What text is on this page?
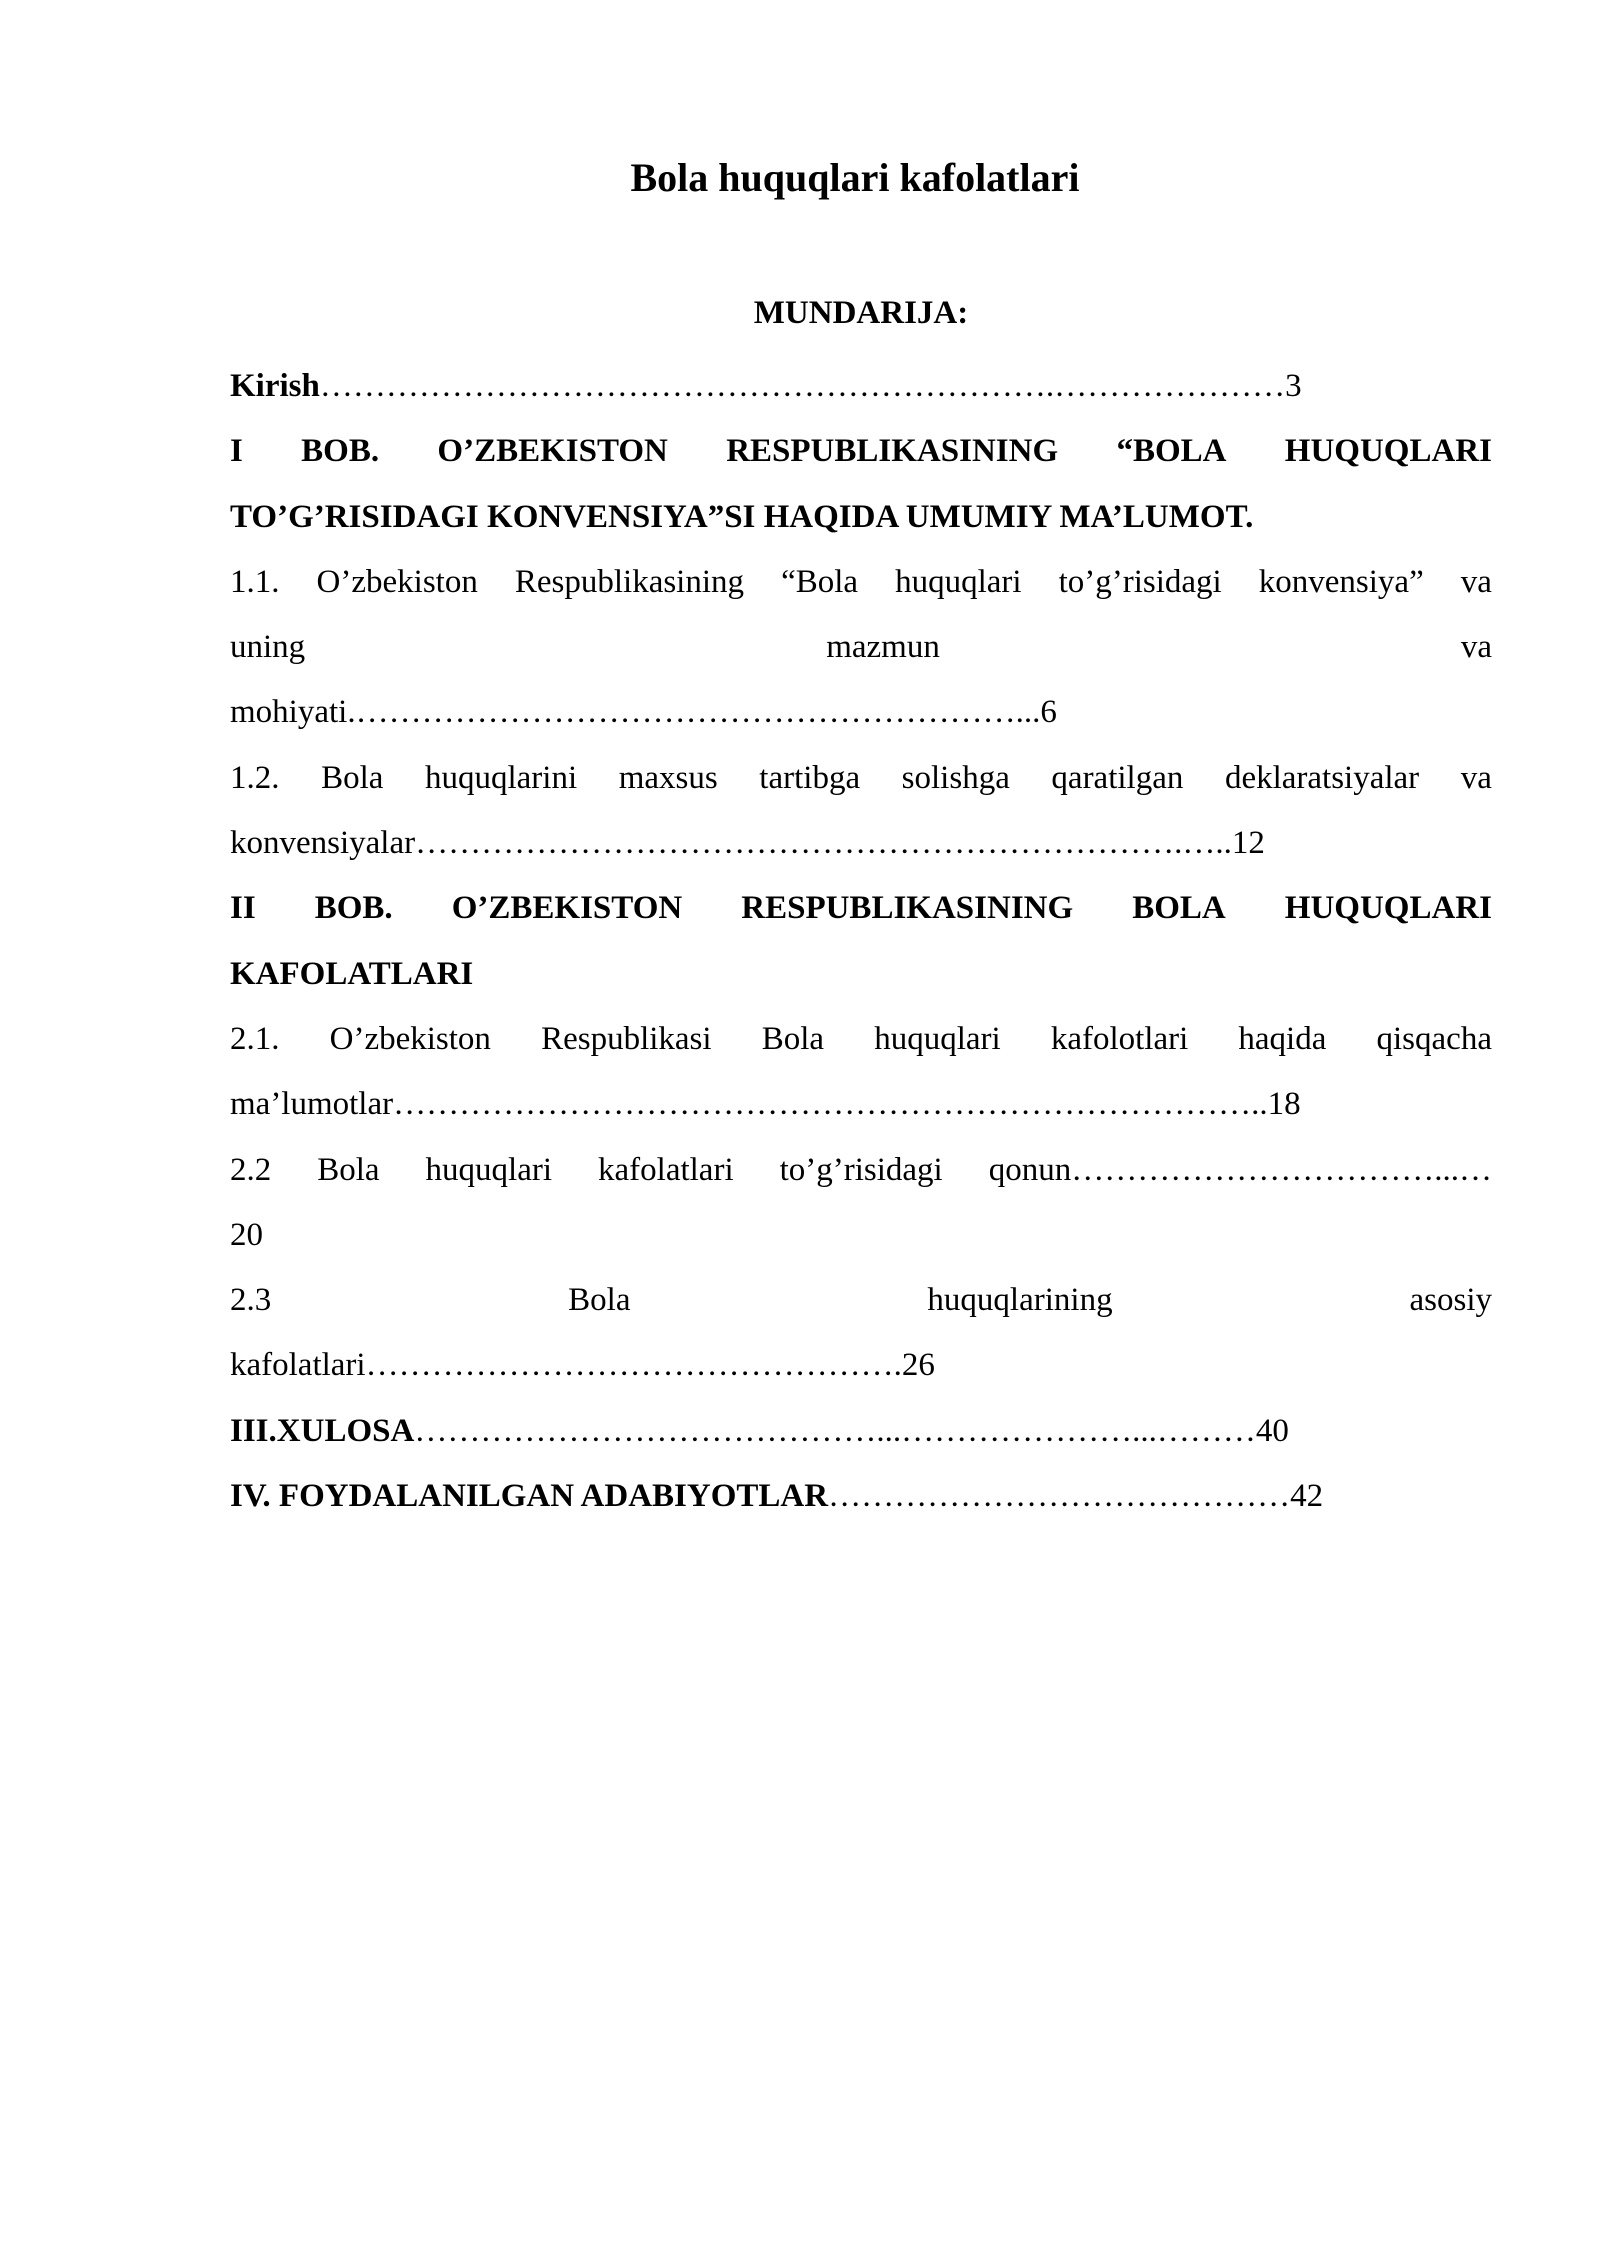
Bola huquqlari kafolatlari
MUNDARIJA:
Kirish………………………………………………………….…………………3
I BOB. O’ZBEKISTON RESPUBLIKASINING “BOLA HUQUQLARI
TO’G’RISIDAGI KONVENSIYA”SI HAQIDA UMUMIY MA’LUMOT.
1.1. O’zbekiston Respublikasining “Bola huquqlari to’g’risidagi konvensiya” va
uning	mazmun	va
mohiyati.……………………………………………………...6
1.2. Bola huquqlarini maxsus tartibga solishga qaratilgan deklaratsiyalar va
konvensiyalar…………………………………………………………….…..12
II BOB. O’ZBEKISTON RESPUBLIKASINING BOLA HUQUQLARI
KAFOLATLARI
2.1. O’zbekiston Respublikasi Bola huquqlari kafolotlari haqida qisqacha
ma’lumotlar……………………………………………………………………..18
2.2 Bola huquqlari kafolatlari to’g’risidagi qonun……………………………...…
20
2.3	Bola	huquqlarining	asosiy
kafolatlari………………………………………….26
III.XULOSA……………………………………...…………………...………40
IV. FOYDALANILGAN ADABIYOTLAR……………………………………42
